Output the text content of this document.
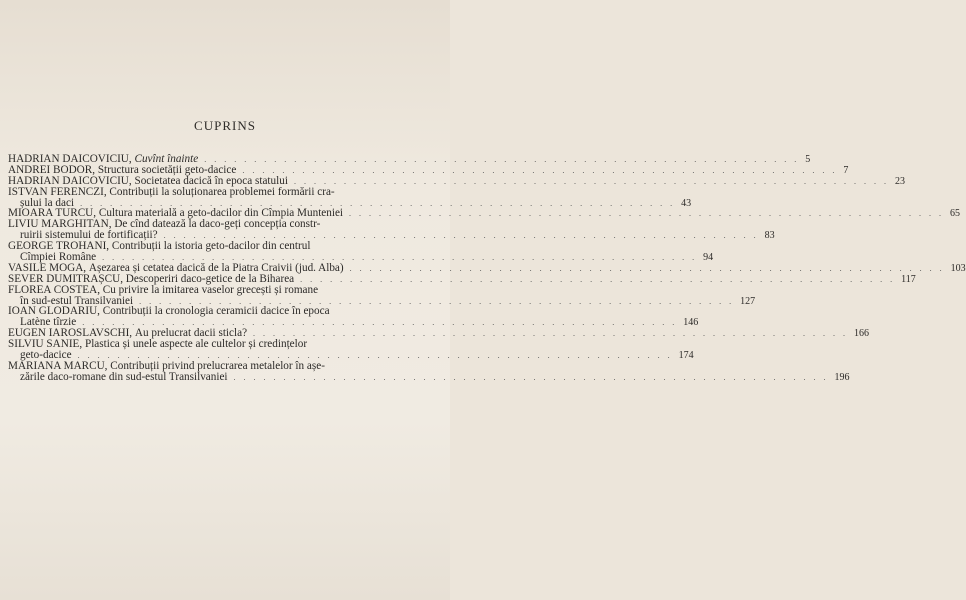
CUPRINS
HADRIAN DAICOVICIU,
Cuvînt înainte . . . . . . . . . . . . . . . . . . . . . . . . . . . . . . . . . . . . . . . . . . . . . . . . . . . . . . . . . . . . 5
ANDREI BODOR,
Structura societății geto-dacice . . . . . . . . . . . . . . . . . . . . . . . . . . . . . . . . . . . . . . . . . . . . . . . . . . . . . . . . . . . . 7
HADRIAN DAICOVICIU,
Societatea dacică în epoca statului . . . . . . . . . . . . . . . . . . . . . . . . . . . . . . . . . . . . . . . . . . . . . . . . . . . . . . . . . . . . 23
ISTVAN FERENCZI,
Contribuții la soluționarea problemei formării cra-
șului la daci . . . . . . . . . . . . . . . . . . . . . . . . . . . . . . . . . . . . . . . . . . . . . . . . . . . . . . . . . . . . 43
MIOARA TURCU,
Cultura materială a geto-dacilor din Cîmpia Munteniei . . . . . . . . . . . . . . . . . . . . . . . . . . . . . . . . . . . . . . . . . . . . . . . . . . . . . . . . . . . . 65
LIVIU MARGHITAN,
De cînd datează la daco-geți concepția constr-
ruirii sistemului de fortificații? . . . . . . . . . . . . . . . . . . . . . . . . . . . . . . . . . . . . . . . . . . . . . . . . . . . . . . . . . . . . 83
GEORGE TROHANI,
Contribuții la istoria geto-dacilor din centrul
Cîmpiei Române . . . . . . . . . . . . . . . . . . . . . . . . . . . . . . . . . . . . . . . . . . . . . . . . . . . . . . . . . . . . 94
VASILE MOGA,
Așezarea și cetatea dacică de la Piatra Craivii (jud. Alba) . . . . . . . . . . . . . . . . . . . . . . . . . . . . . . . . . . . . . . . . . . . . . . . . . . . . . . . . . . . . 103
SEVER DUMITRAȘCU,
Descoperiri daco-getice de la Biharea . . . . . . . . . . . . . . . . . . . . . . . . . . . . . . . . . . . . . . . . . . . . . . . . . . . . . . . . . . . . 117
FLOREA COSTEA,
Cu privire la imitarea vaselor grecești și romane
în sud-estul Transilvaniei . . . . . . . . . . . . . . . . . . . . . . . . . . . . . . . . . . . . . . . . . . . . . . . . . . . . . . . . . . . . 127
IOAN GLODARIU,
Contribuții la cronologia ceramicii dacice în epoca
Latène tîrzie . . . . . . . . . . . . . . . . . . . . . . . . . . . . . . . . . . . . . . . . . . . . . . . . . . . . . . . . . . . . 146
EUGEN IAROSLAVSCHI,
Au prelucrat dacii sticla? . . . . . . . . . . . . . . . . . . . . . . . . . . . . . . . . . . . . . . . . . . . . . . . . . . . . . . . . . . . . 166
SILVIU SANIE,
Plastica și unele aspecte ale cultelor și credințelor
geto-dacice . . . . . . . . . . . . . . . . . . . . . . . . . . . . . . . . . . . . . . . . . . . . . . . . . . . . . . . . . . . . 174
MARIANA MARCU,
Contribuții privind prelucrarea metalelor în așe-
zările daco-romane din sud-estul Transilvaniei . . . . . . . . . . . . . . . . . . . . . . . . . . . . . . . . . . . . . . . . . . . . . . . . . . . . . . . . . . . . 196
